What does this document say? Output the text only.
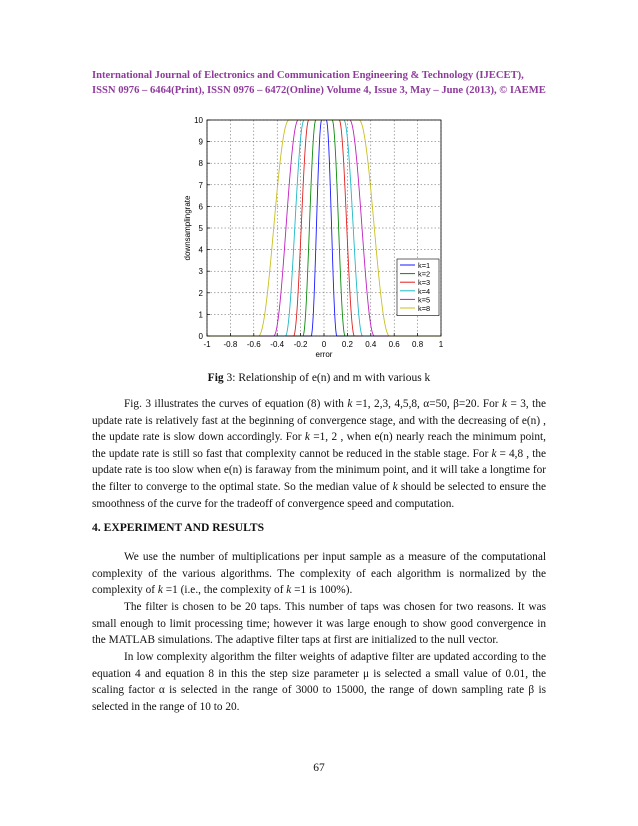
International Journal of Electronics and Communication Engineering & Technology (IJECET),
ISSN 0976 – 6464(Print), ISSN 0976 – 6472(Online) Volume 4, Issue 3, May – June (2013), © IAEME
-1 -0.8 -0.6 -0.4 -0.2 0 0.2 0.4 0.6 0.8 1
0
1
2
3
4
5
6
7
8
9
10
error
downsamplingrate
k=1
k=2
k=3
k=4
k=5
k=8
Fig 3: Relationship of e(n) and m with various k

Fig. 3 illustrates the curves of equation (8) with k =1, 2,3, 4,5,8, α=50, β=20. For k = 3, the update rate is relatively fast at the beginning of convergence stage, and with the decreasing of e(n) , the update rate is slow down accordingly. For k =1, 2 , when e(n) nearly reach the minimum point, the update rate is still so fast that complexity cannot be reduced in the stable stage. For k = 4,8 , the update rate is too slow when e(n) is faraway from the minimum point, and it will take a longtime for the filter to converge to the optimal state. So the median value of k should be selected to ensure the smoothness of the curve for the tradeoff of convergence speed and computation.

4. EXPERIMENT AND RESULTS

We use the number of multiplications per input sample as a measure of the computational complexity of the various algorithms. The complexity of each algorithm is normalized by the complexity of k =1 (i.e., the complexity of k =1 is 100%).

The filter is chosen to be 20 taps. This number of taps was chosen for two reasons. It was small enough to limit processing time; however it was large enough to show good convergence in the MATLAB simulations. The adaptive filter taps at first are initialized to the null vector.

In low complexity algorithm the filter weights of adaptive filter are updated according to the equation 4 and equation 8 in this the step size parameter μ is selected a small value of 0.01, the scaling factor α is selected in the range of 3000 to 15000, the range of down sampling rate β is selected in the range of 10 to 20.

67
